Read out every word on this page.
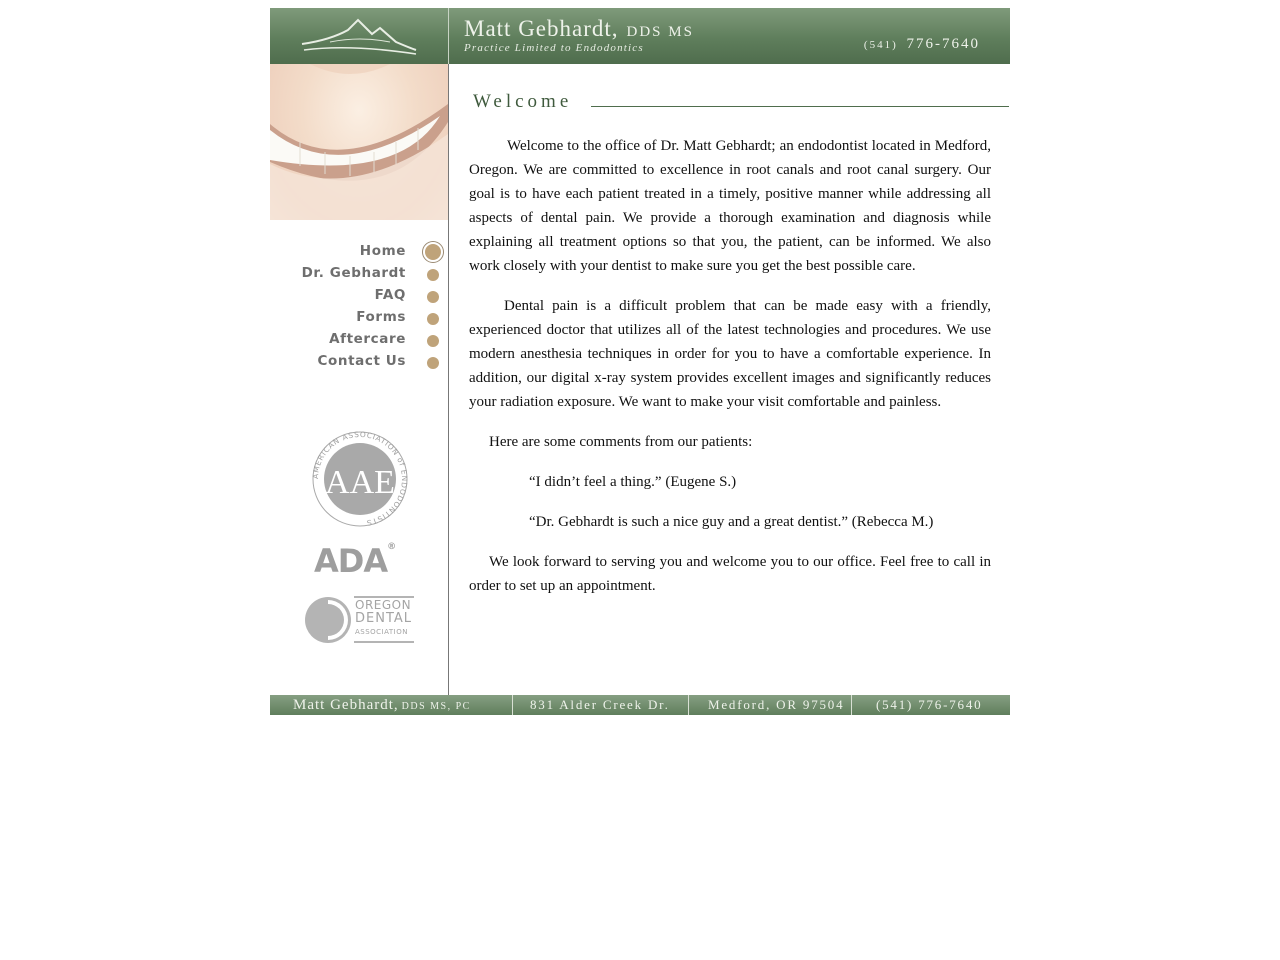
Matt Gebhardt, DDS MS
Practice Limited to Endodontics	(541) 776-7640
Home
Dr. Gebhardt
FAQ
Forms
Aftercare
Contact Us
AMERICAN ASSOCIATION of ENDODONTISTS
AAE
ADA®
OREGON
DENTAL
ASSOCIATION
Welcome

Welcome to the office of Dr. Matt Gebhardt; an endodontist located in Medford, Oregon. We are committed to excellence in root canals and root canal surgery. Our goal is to have each patient treated in a timely, positive manner while addressing all aspects of dental pain. We provide a thorough examination and diagnosis while explaining all treatment options so that you, the patient, can be informed. We also work closely with your dentist to make sure you get the best possible care.

Dental pain is a difficult problem that can be made easy with a friendly, experienced doctor that utilizes all of the latest technologies and procedures. We use modern anesthesia techniques in order for you to have a comfortable experience. In addition, our digital x-ray system provides excellent images and significantly reduces your radiation exposure. We want to make your visit comfortable and painless.

Here are some comments from our patients:

“I didn’t feel a thing.” (Eugene S.)

“Dr. Gebhardt is such a nice guy and a great dentist.” (Rebecca M.)

We look forward to serving you and welcome you to our office. Feel free to call in order to set up an appointment.

Matt Gebhardt, DDS MS, PC	831 Alder Creek Dr.	Medford, OR 97504 (541) 776-7640
